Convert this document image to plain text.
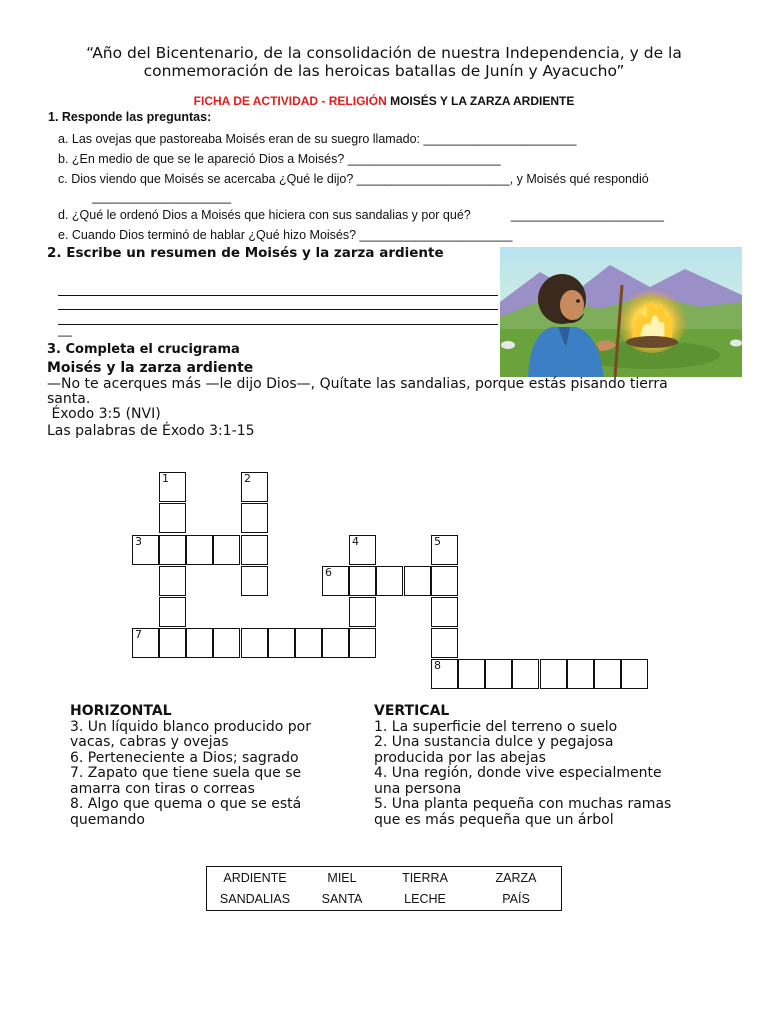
“Año del Bicentenario, de la consolidación de nuestra Independencia, y de la
conmemoración de las heroicas batallas de Junín y Ayacucho”
FICHA DE ACTIVIDAD - RELIGIÓN MOISÉS Y LA ZARZA ARDIENTE
1. Responde las preguntas:
a. Las ovejas que pastoreaba Moisés eran de su suegro llamado: ______________________
b. ¿En medio de que se le apareció Dios a Moisés? ______________________
c. Dios viendo que Moisés se acercaba ¿Qué le dijo? ______________________, y Moisés qué respondió
____________________
d. ¿Qué le ordenó Dios a Moisés que hiciera con sus sandalias y por qué?	______________________
e. Cuando Dios terminó de hablar ¿Qué hizo Moisés? ______________________
2. Escribe un resumen de Moisés y la zarza ardiente
__
3. Completa el crucigrama
Moisés y la zarza ardiente
—No te acerques más —le dijo Dios—, Quítate las sandalias, porque estás pisando tierra
santa.
Éxodo 3:5 (NVI)
Las palabras de Éxodo 3:1-15
1	2
3	4	5
6
7
8
HORIZONTAL
3. Un líquido blanco producido por
vacas, cabras y ovejas
6. Perteneciente a Dios; sagrado
7. Zapato que tiene suela que se
amarra con tiras o correas
8. Algo que quema o que se está
quemando
VERTICAL
1. La superficie del terreno o suelo
2. Una sustancia dulce y pegajosa
producida por las abejas
4. Una región, donde vive especialmente
una persona
5. Una planta pequeña con muchas ramas
que es más pequeña que un árbol
ARDIENTE	MIEL	TIERRA	ZARZA
SANDALIAS	SANTA	LECHE	PAÍS
